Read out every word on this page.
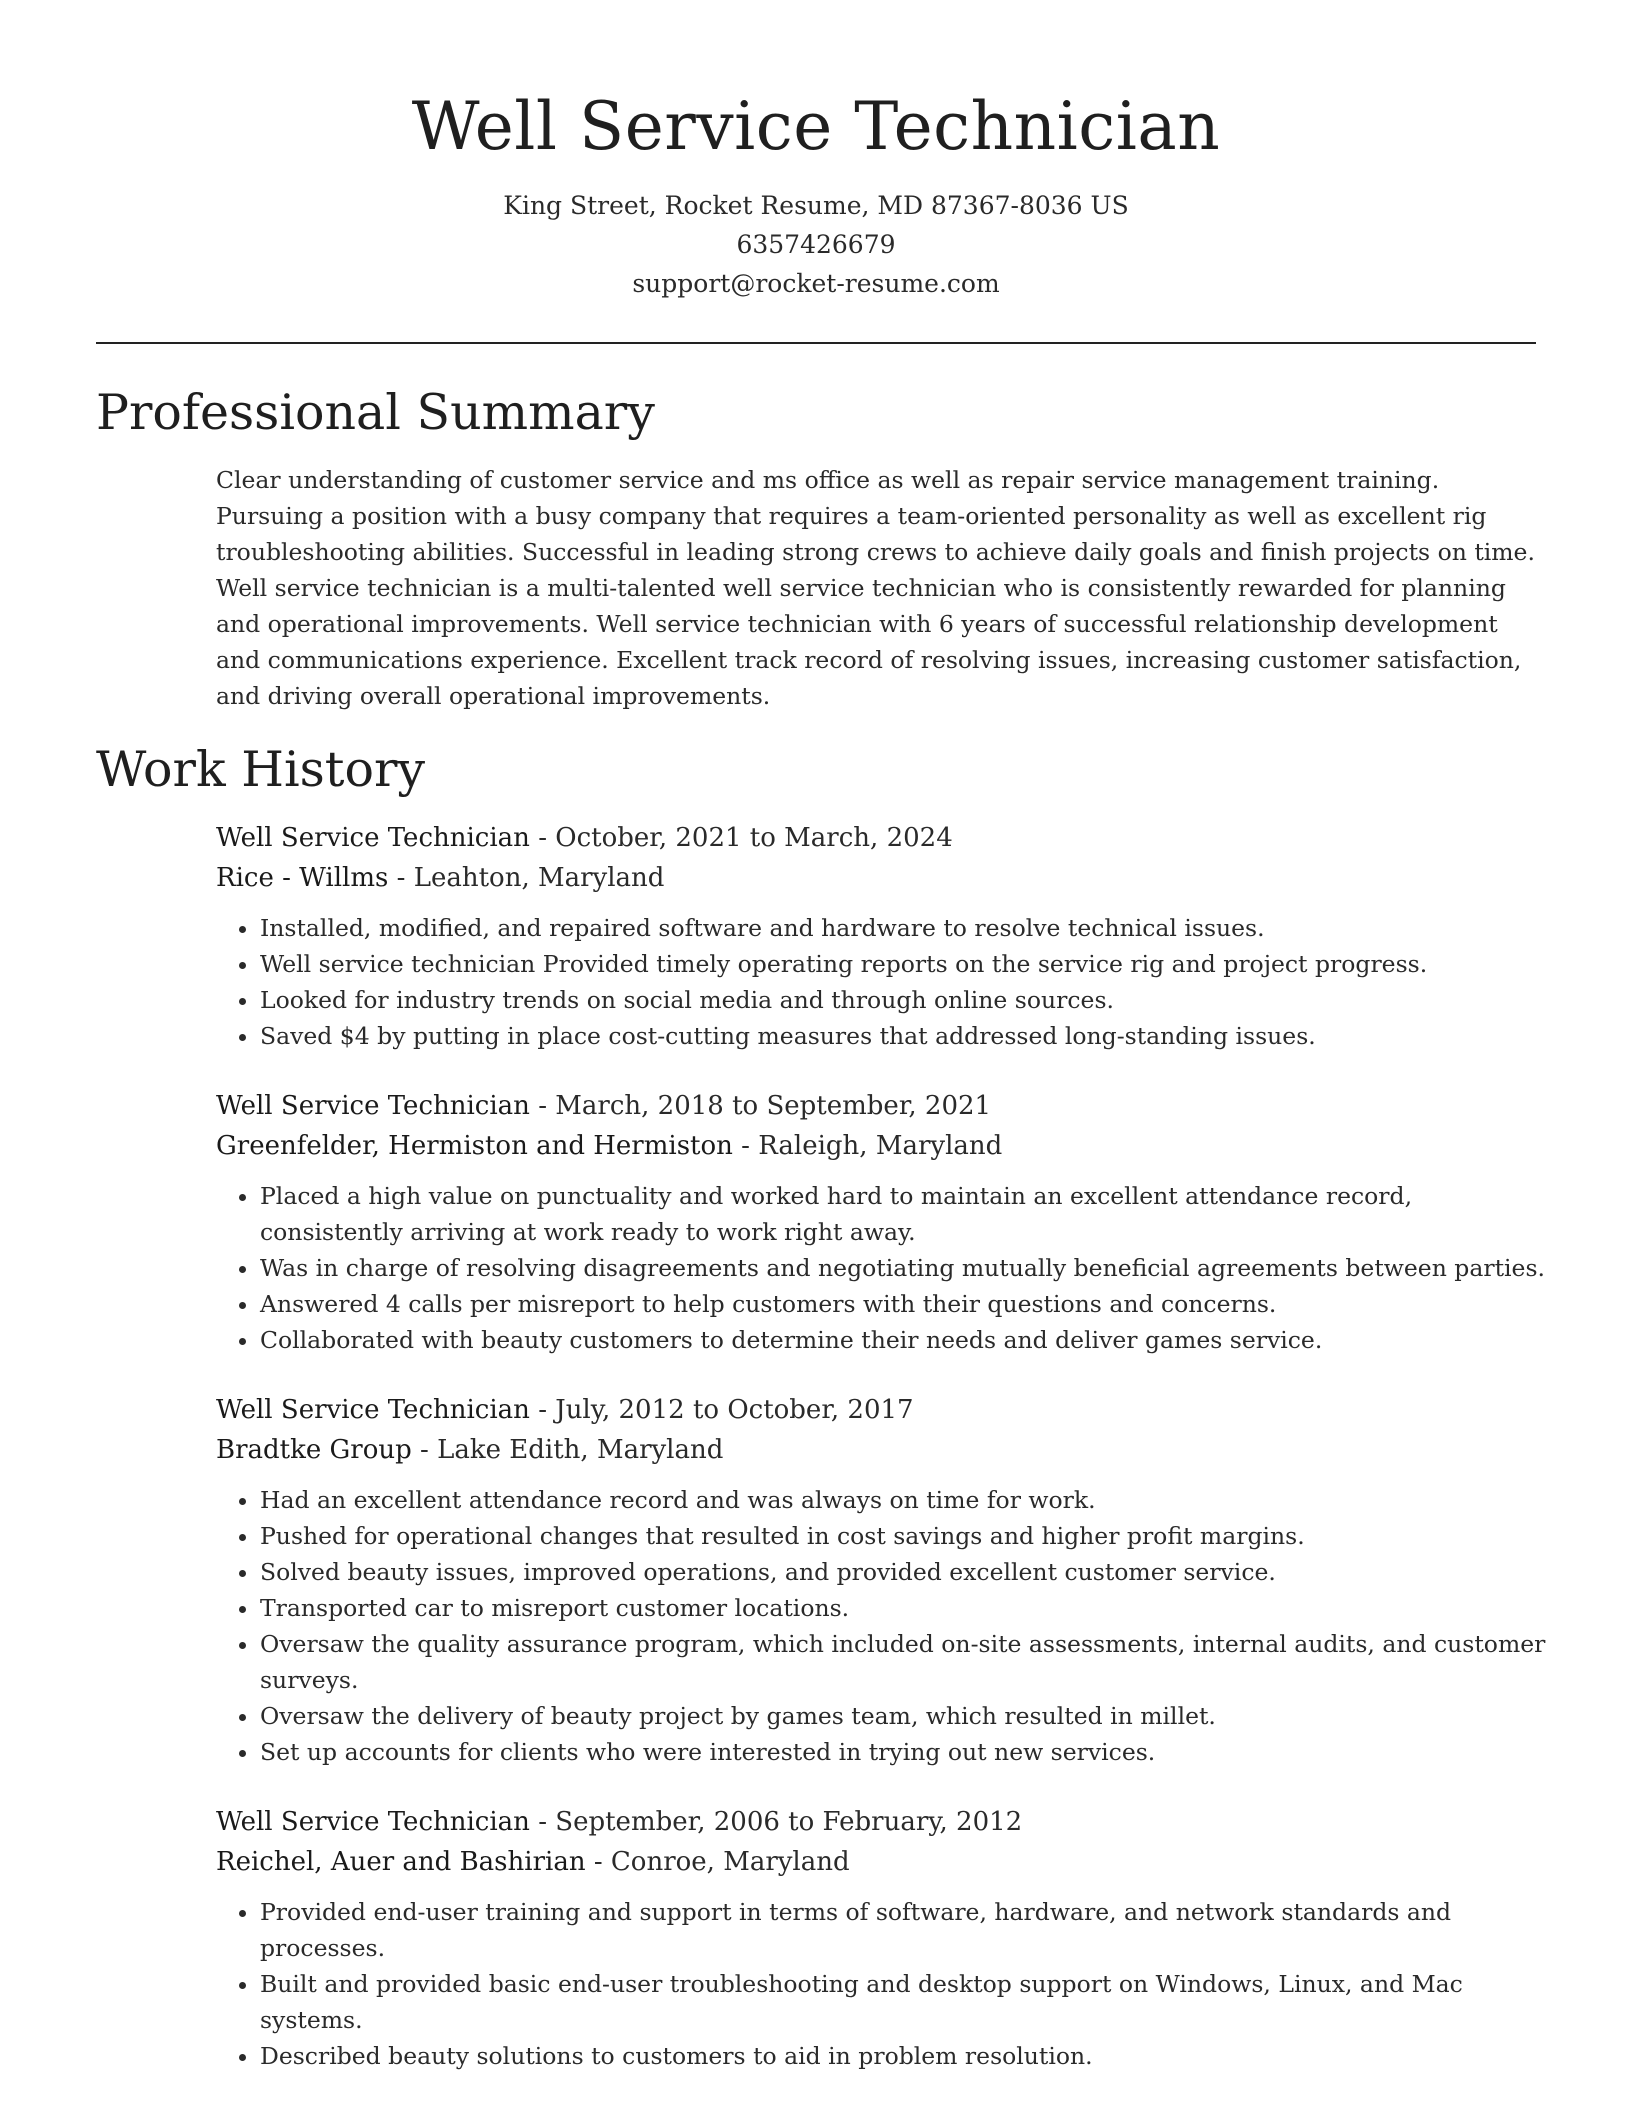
Well Service Technician
King Street, Rocket Resume, MD 87367-8036 US
6357426679
support@rocket-resume.com
Professional Summary
Clear understanding of customer service and ms office as well as repair service management training. Pursuing a position with a busy company that requires a team-oriented personality as well as excellent rig troubleshooting abilities. Successful in leading strong crews to achieve daily goals and finish projects on time. Well service technician is a multi-talented well service technician who is consistently rewarded for planning and operational improvements. Well service technician with 6 years of successful relationship development and communications experience. Excellent track record of resolving issues, increasing customer satisfaction, and driving overall operational improvements.
Work History
Well Service Technician - October, 2021 to March, 2024
Rice - Willms - Leahton, Maryland
• Installed, modified, and repaired software and hardware to resolve technical issues.
• Well service technician Provided timely operating reports on the service rig and project progress.
• Looked for industry trends on social media and through online sources.
• Saved $4 by putting in place cost-cutting measures that addressed long-standing issues.
Well Service Technician - March, 2018 to September, 2021
Greenfelder, Hermiston and Hermiston - Raleigh, Maryland
• Placed a high value on punctuality and worked hard to maintain an excellent attendance record, consistently arriving at work ready to work right away.
• Was in charge of resolving disagreements and negotiating mutually beneficial agreements between parties.
• Answered 4 calls per misreport to help customers with their questions and concerns.
• Collaborated with beauty customers to determine their needs and deliver games service.
Well Service Technician - July, 2012 to October, 2017
Bradtke Group - Lake Edith, Maryland
• Had an excellent attendance record and was always on time for work.
• Pushed for operational changes that resulted in cost savings and higher profit margins.
• Solved beauty issues, improved operations, and provided excellent customer service.
• Transported car to misreport customer locations.
• Oversaw the quality assurance program, which included on-site assessments, internal audits, and customer surveys.
• Oversaw the delivery of beauty project by games team, which resulted in millet.
• Set up accounts for clients who were interested in trying out new services.
Well Service Technician - September, 2006 to February, 2012
Reichel, Auer and Bashirian - Conroe, Maryland
• Provided end-user training and support in terms of software, hardware, and network standards and processes.
• Built and provided basic end-user troubleshooting and desktop support on Windows, Linux, and Mac systems.
• Described beauty solutions to customers to aid in problem resolution.
